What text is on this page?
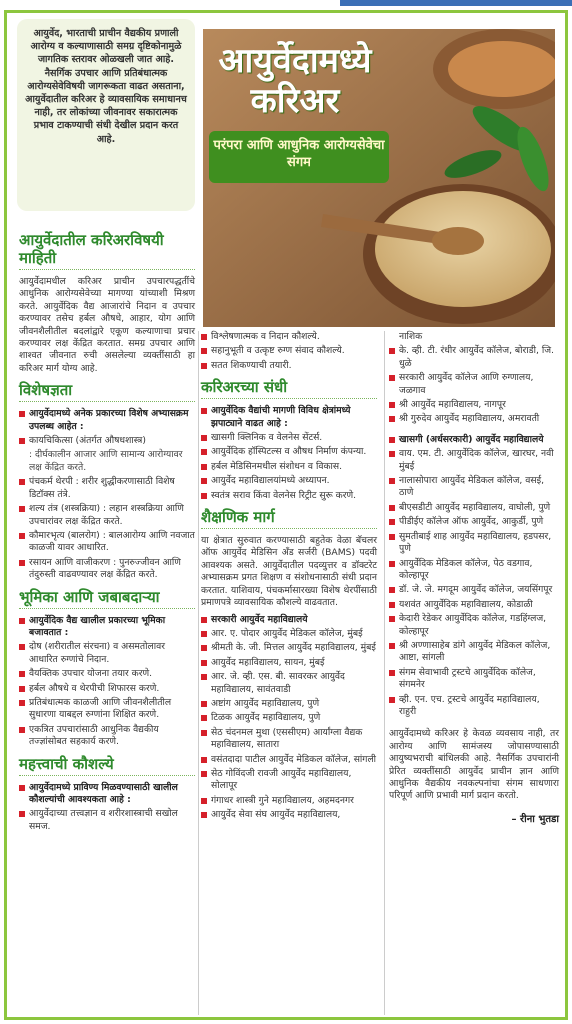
आयुर्वेद, भारताची प्राचीन वैद्यकीय प्रणाली आरोग्य व कल्याणासाठी समग्र दृष्टिकोनामुळे जागतिक स्तरावर ओळखली जात आहे. नैसर्गिक उपचार आणि प्रतिबंधात्मक आरोग्यसेवेविषयी जागरूकता वाढत असताना, आयुर्वेदातील करिअर हे व्यावसायिक समाधानच नाही, तर लोकांच्या जीवनावर सकारात्मक प्रभाव टाकण्याची संधी देखील प्रदान करत आहे.
आयुर्वेदामध्ये करिअर
परंपरा आणि आधुनिक आरोग्यसेवेचा संगम
आयुर्वेदातील करिअरविषयी माहिती
आयुर्वेदामधील करिअर प्राचीन उपचारपद्धतींचे आधुनिक आरोग्यसेवेच्या मागण्या यांच्याशी मिश्रण करते. आयुर्वेदिक वैद्य आजारांचे निदान व उपचार करण्यावर तसेच हर्बल औषधे, आहार, योग आणि जीवनशैलीतील बदलांद्वारे एकूण कल्याणाचा प्रचार करण्यावर लक्ष केंद्रित करतात. समग्र उपचार आणि शाश्वत जीवनात रुची असलेल्या व्यक्तींसाठी हा करिअर मार्ग योग्य आहे.
विशेषज्ञता
आयुर्वेदामध्ये अनेक प्रकारच्या विशेष अभ्यासक्रम उपलब्ध आहेत :
कायचिकित्सा (अंतर्गत औषधशास्त्र)
: दीर्घकालीन आजार आणि सामान्य आरोग्यावर लक्ष केंद्रित करते.
पंचकर्म थेरपी : शरीर शुद्धीकरणासाठी विशेष डिटॉक्स तंत्रे.
शल्य तंत्र (शस्त्रक्रिया) : लहान शस्त्रक्रिया आणि उपचारांवर लक्ष केंद्रित करते.
कौमारभृत्य (बालरोग) : बालआरोग्य आणि नवजात काळजी यावर आधारित.
रसायन आणि वाजीकरण : पुनरुज्जीवन आणि तंदुरुस्ती वाढवण्यावर लक्ष केंद्रित करते.
भूमिका आणि जबाबदाऱ्या
आयुर्वेदिक वैद्य खालील प्रकारच्या भूमिका बजावतात :
दोष (शरीरातील संरचना) व असमतोलावर आधारित रुग्णांचे निदान.
वैयक्तिक उपचार योजना तयार करणे.
हर्बल औषधे व थेरपीची शिफारस करणे.
प्रतिबंधात्मक काळजी आणि जीवनशैलीतील सुधारणा याबद्दल रुग्णांना शिक्षित करणे.
एकत्रित उपचारांसाठी आधुनिक वैद्यकीय तज्ज्ञांसोबत सहकार्य करणे.
महत्त्वाची कौशल्ये
आयुर्वेदामध्ये प्राविण्य मिळवण्यासाठी खालील कौशल्यांची आवश्यकता आहे :
आयुर्वेदाच्या तत्त्वज्ञान व शरीरशास्त्राची सखोल समज.
विश्लेषणात्मक व निदान कौशल्ये.
सहानुभूती व उत्कृष्ट रुग्ण संवाद कौशल्ये.
सतत शिकण्याची तयारी.
करिअरच्या संधी
आयुर्वेदिक वैद्यांची मागणी विविध क्षेत्रांमध्ये झपाट्याने वाढत आहे :
खासगी क्लिनिक व वेलनेस सेंटर्स.
आयुर्वेदिक हॉस्पिटल्स व औषध निर्माण कंपन्या.
हर्बल मेडिसिनमधील संशोधन व विकास.
आयुर्वेद महाविद्यालयांमध्ये अध्यापन.
स्वतंत्र सराव किंवा वेलनेस रिट्रीट सुरू करणे.
शैक्षणिक मार्ग
या क्षेत्रात सुरुवात करण्यासाठी बहुतेक वेळा बॅचलर ऑफ आयुर्वेद मेडिसिन अँड सर्जरी (BAMS) पदवी आवश्यक असते. आयुर्वेदातील पदव्युत्तर व डॉक्टरेट अभ्यासक्रम प्रगत शिक्षण व संशोधनासाठी संधी प्रदान करतात. याशिवाय, पंचकर्मासारख्या विशेष थेरपींसाठी प्रमाणपत्रे व्यावसायिक कौशल्ये वाढवतात.
सरकारी आयुर्वेद महाविद्यालये
आर. ए. पोदार आयुर्वेद मेडिकल कॉलेज, मुंबई
श्रीमती के. जी. मित्तल आयुर्वेद महाविद्यालय, मुंबई
आयुर्वेद महाविद्यालय, सायन, मुंबई
आर. जे. व्ही. एस. बी. सावरकर आयुर्वेद महाविद्यालय, सावंतवाडी
अष्टांग आयुर्वेद महाविद्यालय, पुणे
टिळक आयुर्वेद महाविद्यालय, पुणे
सेठ चंदनमल मुथा (एससीएम) आर्यांग्ला वैद्यक महाविद्यालय, सातारा
वसंतदादा पाटील आयुर्वेद मेडिकल कॉलेज, सांगली
सेठ गोविंदजी रावजी आयुर्वेद महाविद्यालय, सोलापूर
गंगाधर शास्त्री गुने महाविद्यालय, अहमदनगर
आयुर्वेद सेवा संघ आयुर्वेद महाविद्यालय,
नाशिक
के. व्ही. टी. रंधीर आयुर्वेद कॉलेज, बोराडी, जि. धुळे
सरकारी आयुर्वेद कॉलेज आणि रुग्णालय, जळगाव
श्री आयुर्वेद महाविद्यालय, नागपूर
श्री गुरुदेव आयुर्वेद महाविद्यालय, अमरावती
खासगी (अर्धसरकारी) आयुर्वेद महाविद्यालये
वाय. एम. टी. आयुर्वेदिक कॉलेज, खारघर, नवी मुंबई
नालासोपारा आयुर्वेद मेडिकल कॉलेज, वसई, ठाणे
बीएसडीटी आयुर्वेद महाविद्यालय, वाघोली, पुणे
पीडीईए कॉलेज ऑफ आयुर्वेद, आकुर्डी, पुणे
सुमतीबाई शाह आयुर्वेद महाविद्यालय, हडपसर, पुणे
आयुर्वेदिक मेडिकल कॉलेज, पेठ वडगाव, कोल्हापूर
डॉ. जे. जे. मगदूम आयुर्वेद कॉलेज, जयसिंगपूर
यशवंत आयुर्वेदिक महाविद्यालय, कोडाळी
केदारी रेडेकर आयुर्वेदिक कॉलेज, गडहिंग्लज, कोल्हापूर
श्री अण्णासाहेब डांगे आयुर्वेद मेडिकल कॉलेज, आष्टा, सांगली
संगम सेवाभावी ट्रस्टचे आयुर्वेदिक कॉलेज, संगमनेर
व्ही. एन. एच. ट्रस्टचे आयुर्वेद महाविद्यालय, राहुरी
आयुर्वेदामध्ये करिअर हे केवळ व्यवसाय नाही, तर आरोग्य आणि सामंजस्य जोपासण्यासाठी आयुष्यभराची बांधिलकी आहे. नैसर्गिक उपचारांनी प्रेरित व्यक्तींसाठी आयुर्वेद प्राचीन ज्ञान आणि आधुनिक वैद्यकीय नवकल्पनांचा संगम साधणारा परिपूर्ण आणि प्रभावी मार्ग प्रदान करतो.
– रीना भुतडा
